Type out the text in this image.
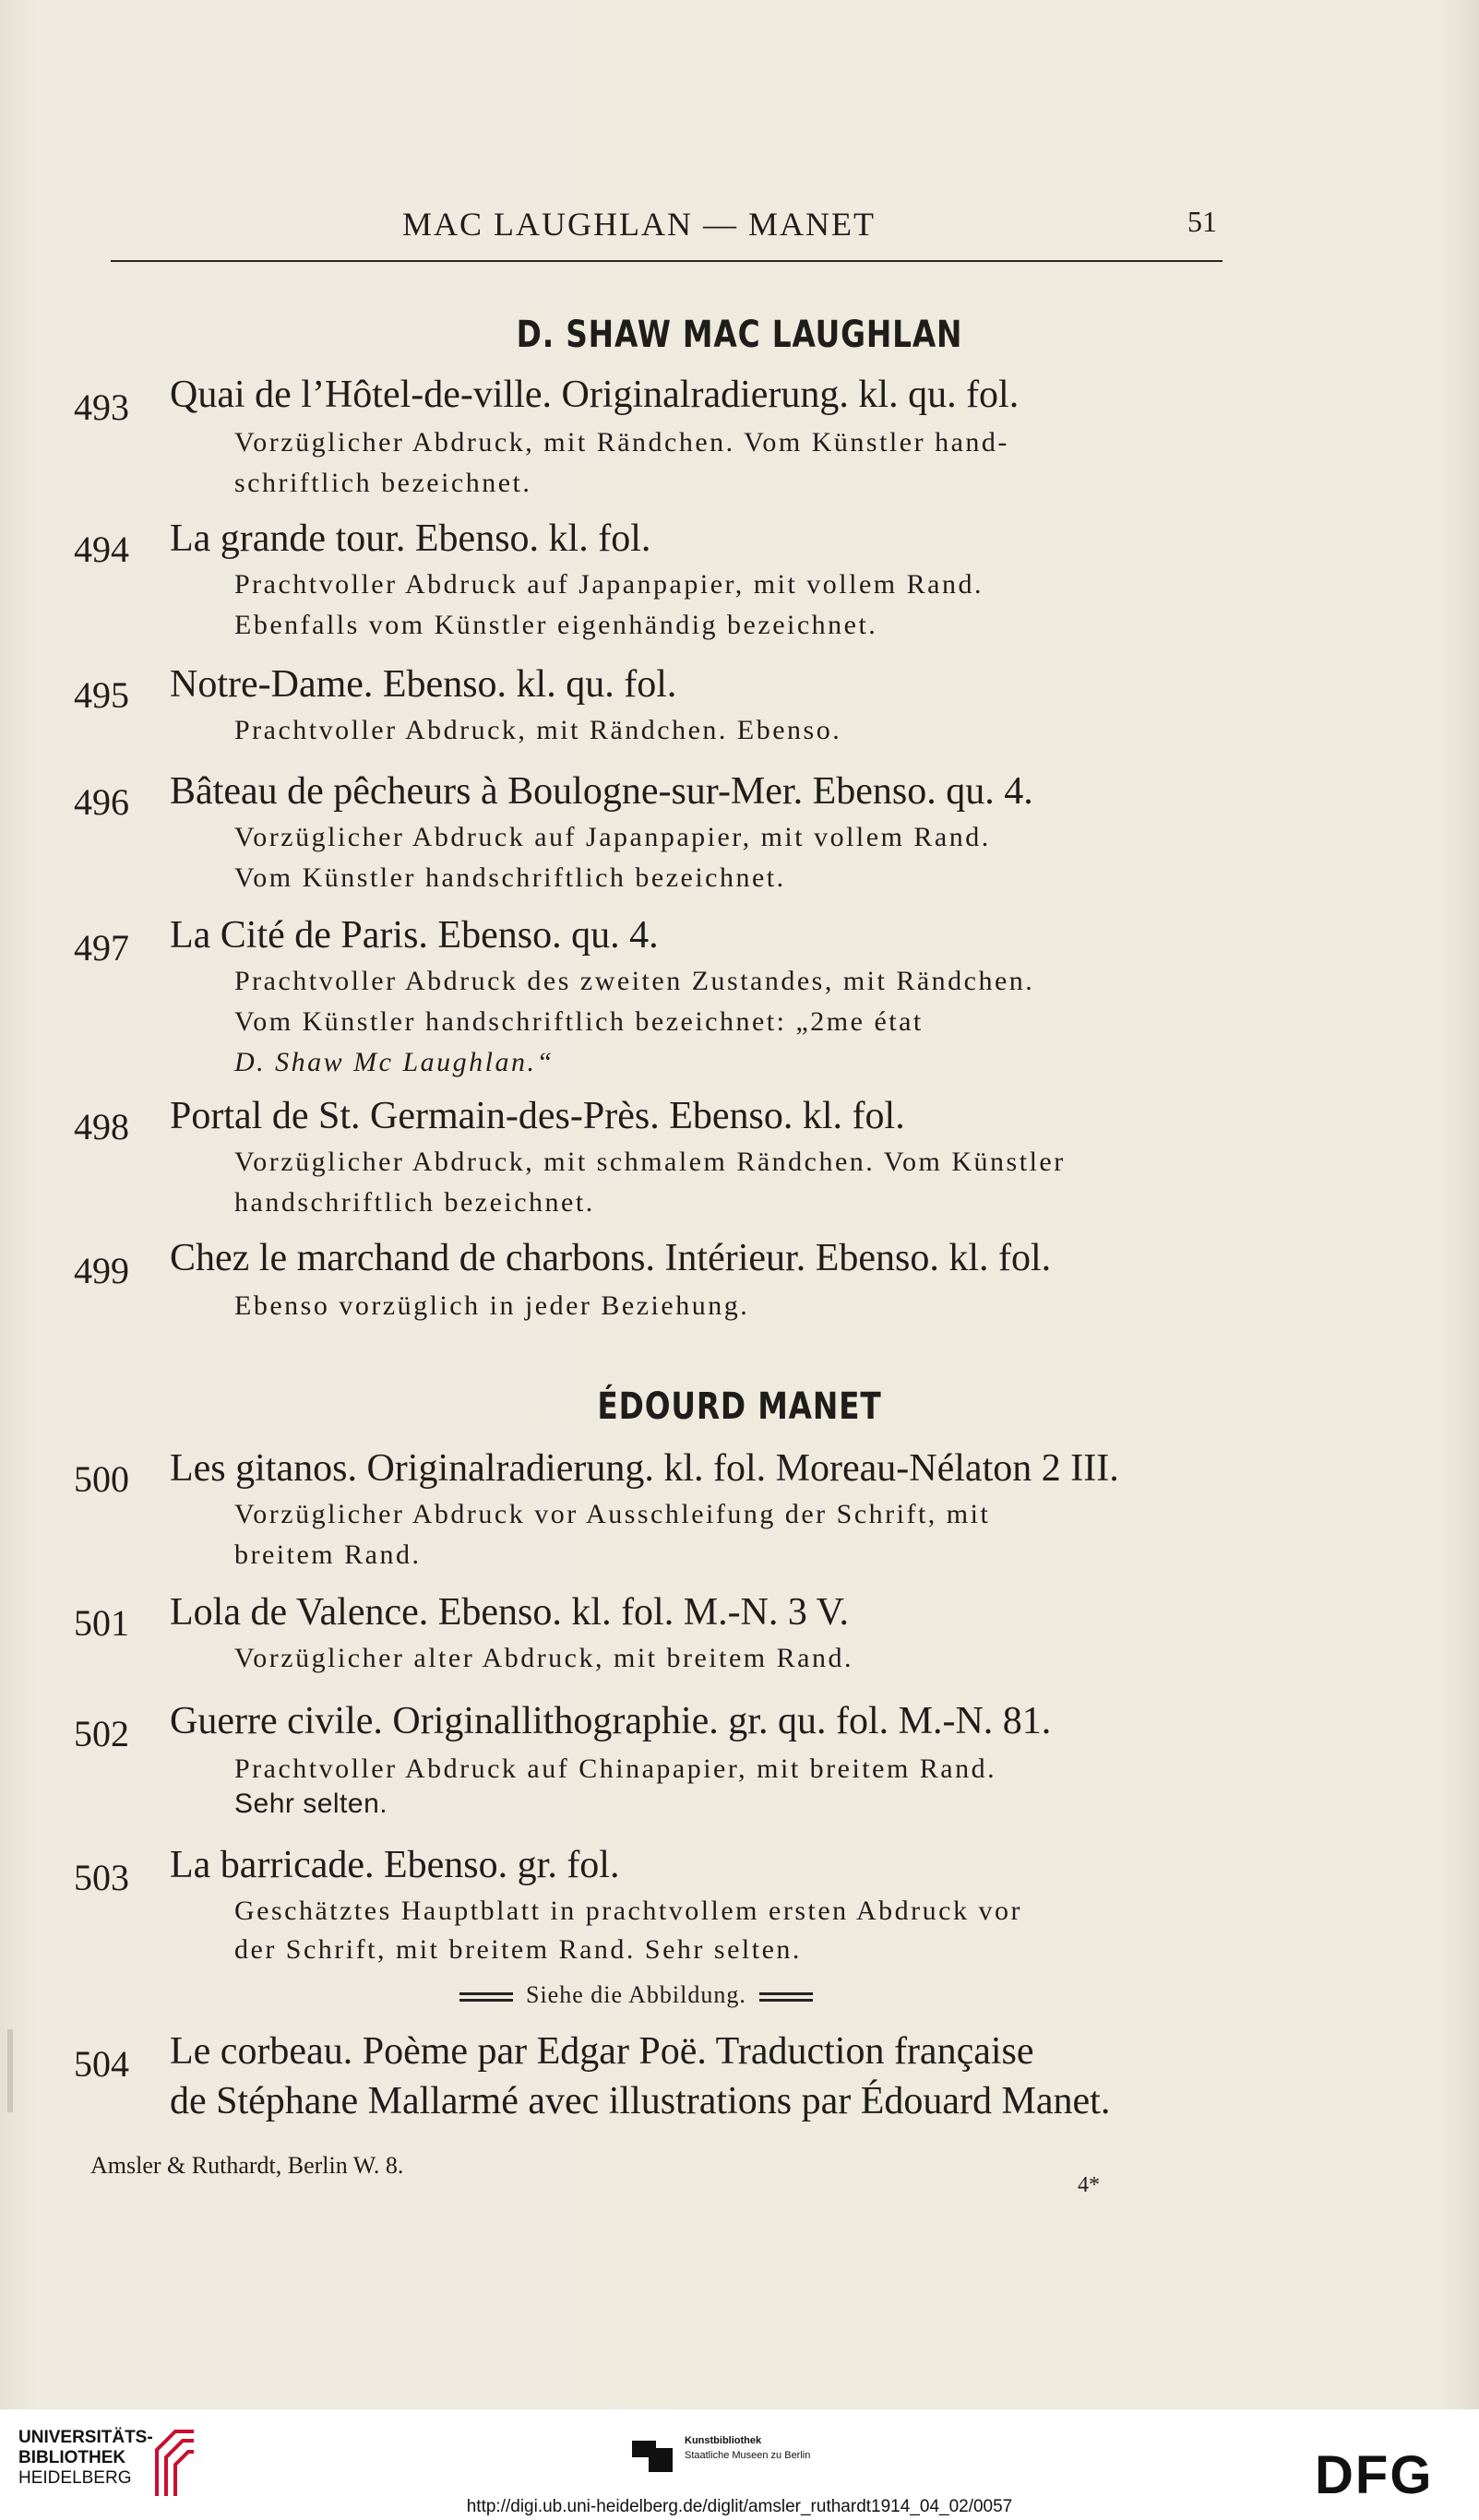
MAC LAUGHLAN — MANET	51
D. SHAW MAC LAUGHLAN
493 Quai de l’Hôtel-de-ville. Originalradierung. kl. qu. fol.
Vorzüglicher Abdruck, mit Rändchen. Vom Künstler hand-
schriftlich bezeichnet.
494 La grande tour. Ebenso. kl. fol.
Prachtvoller Abdruck auf Japanpapier, mit vollem Rand.
Ebenfalls vom Künstler eigenhändig bezeichnet.
495 Notre-Dame. Ebenso. kl. qu. fol.
Prachtvoller Abdruck, mit Rändchen. Ebenso.
496 Bâteau de pêcheurs à Boulogne-sur-Mer. Ebenso. qu. 4.
Vorzüglicher Abdruck auf Japanpapier, mit vollem Rand.
Vom Künstler handschriftlich bezeichnet.
497 La Cité de Paris. Ebenso. qu. 4.
Prachtvoller Abdruck des zweiten Zustandes, mit Rändchen.
Vom Künstler handschriftlich bezeichnet: „2me état
D. Shaw Mc Laughlan.“
498 Portal de St. Germain-des-Près. Ebenso. kl. fol.
Vorzüglicher Abdruck, mit schmalem Rändchen. Vom Künstler
handschriftlich bezeichnet.
499 Chez le marchand de charbons. Intérieur. Ebenso. kl. fol.
Ebenso vorzüglich in jeder Beziehung.
ÉDOURD MANET
500 Les gitanos. Originalradierung. kl. fol. Moreau-Nélaton 2 III.
Vorzüglicher Abdruck vor Ausschleifung der Schrift, mit
breitem Rand.
501 Lola de Valence. Ebenso. kl. fol. M.-N. 3 V.
Vorzüglicher alter Abdruck, mit breitem Rand.
502 Guerre civile. Originallithographie. gr. qu. fol. M.-N. 81.
Prachtvoller Abdruck auf Chinapapier, mit breitem Rand.
Sehr selten.
503 La barricade. Ebenso. gr. fol.
Geschätztes Hauptblatt in prachtvollem ersten Abdruck vor
der Schrift, mit breitem Rand. Sehr selten.
Siehe die Abbildung.
504 Le corbeau. Poème par Edgar Poë. Traduction française
de Stéphane Mallarmé avec illustrations par Édouard Manet.
Amsler & Ruthardt, Berlin W. 8.
4*
UNIVERSITÄTS-
BIBLIOTHEK
HEIDELBERG
Kunstbibliothek
Staatliche Museen zu Berlin	DFG
http://digi.ub.uni-heidelberg.de/diglit/amsler_ruthardt1914_04_02/0057
